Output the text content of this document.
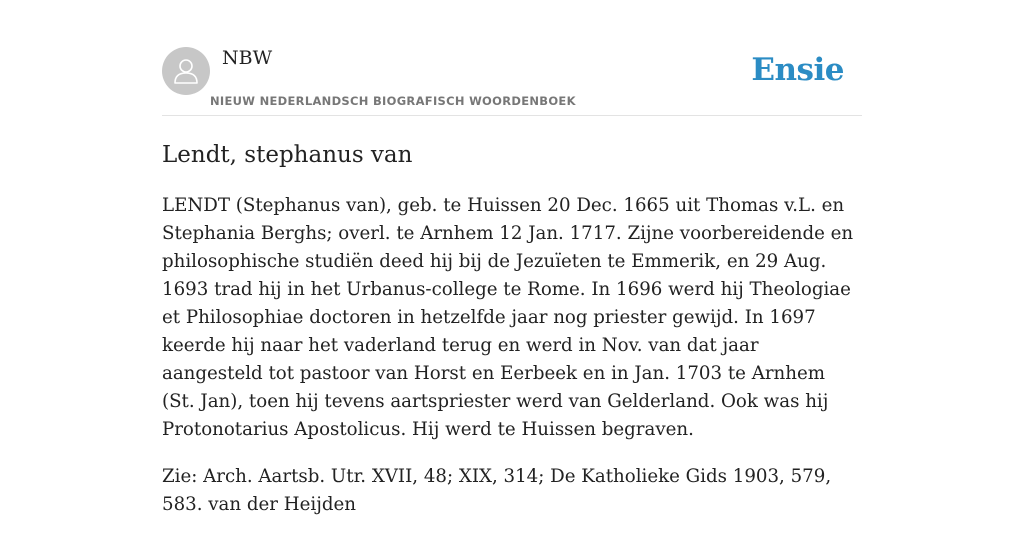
NBW
NIEUW NEDERLANDSCH BIOGRAFISCH WOORDENBOEK
Ensie
Lendt, stephanus van

LENDT (Stephanus van), geb. te Huissen 20 Dec. 1665 uit Thomas v.L. en Stephania Berghs; overl. te Arnhem 12 Jan. 1717. Zijne voorbereidende en philosophische studiën deed hij bij de Jezuïeten te Emmerik, en 29 Aug. 1693 trad hij in het Urbanus-college te Rome. In 1696 werd hij Theologiae et Philosophiae doctoren in hetzelfde jaar nog priester gewijd. In 1697 keerde hij naar het vaderland terug en werd in Nov. van dat jaar aangesteld tot pastoor van Horst en Eerbeek en in Jan. 1703 te Arnhem (St. Jan), toen hij tevens aartspriester werd van Gelderland. Ook was hij Protonotarius Apostolicus. Hij werd te Huissen begraven.

Zie: Arch. Aartsb. Utr. XVII, 48; XIX, 314; De Katholieke Gids 1903, 579, 583. van der Heijden
